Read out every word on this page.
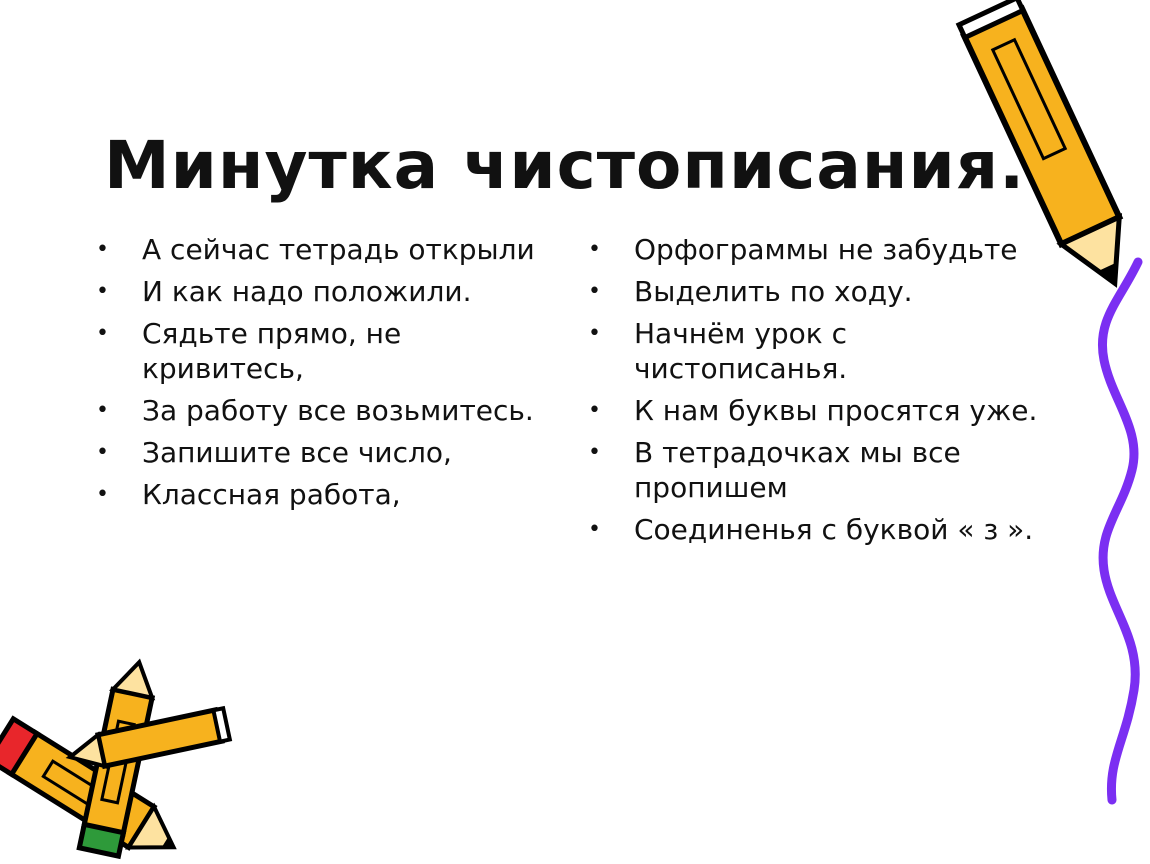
Минутка чистописания.
• А сейчас тетрадь открыли
• И как надо положили.
• Сядьте прямо, не кривитесь,
• За работу все возьмитесь.
• Запишите все число,
• Классная работа,
• Орфограммы не забудьте
• Выделить по ходу.
• Начнём урок с чистописанья.
• К нам буквы просятся уже.
• В тетрадочках мы все пропишем
• Соединенья с буквой « з ».
